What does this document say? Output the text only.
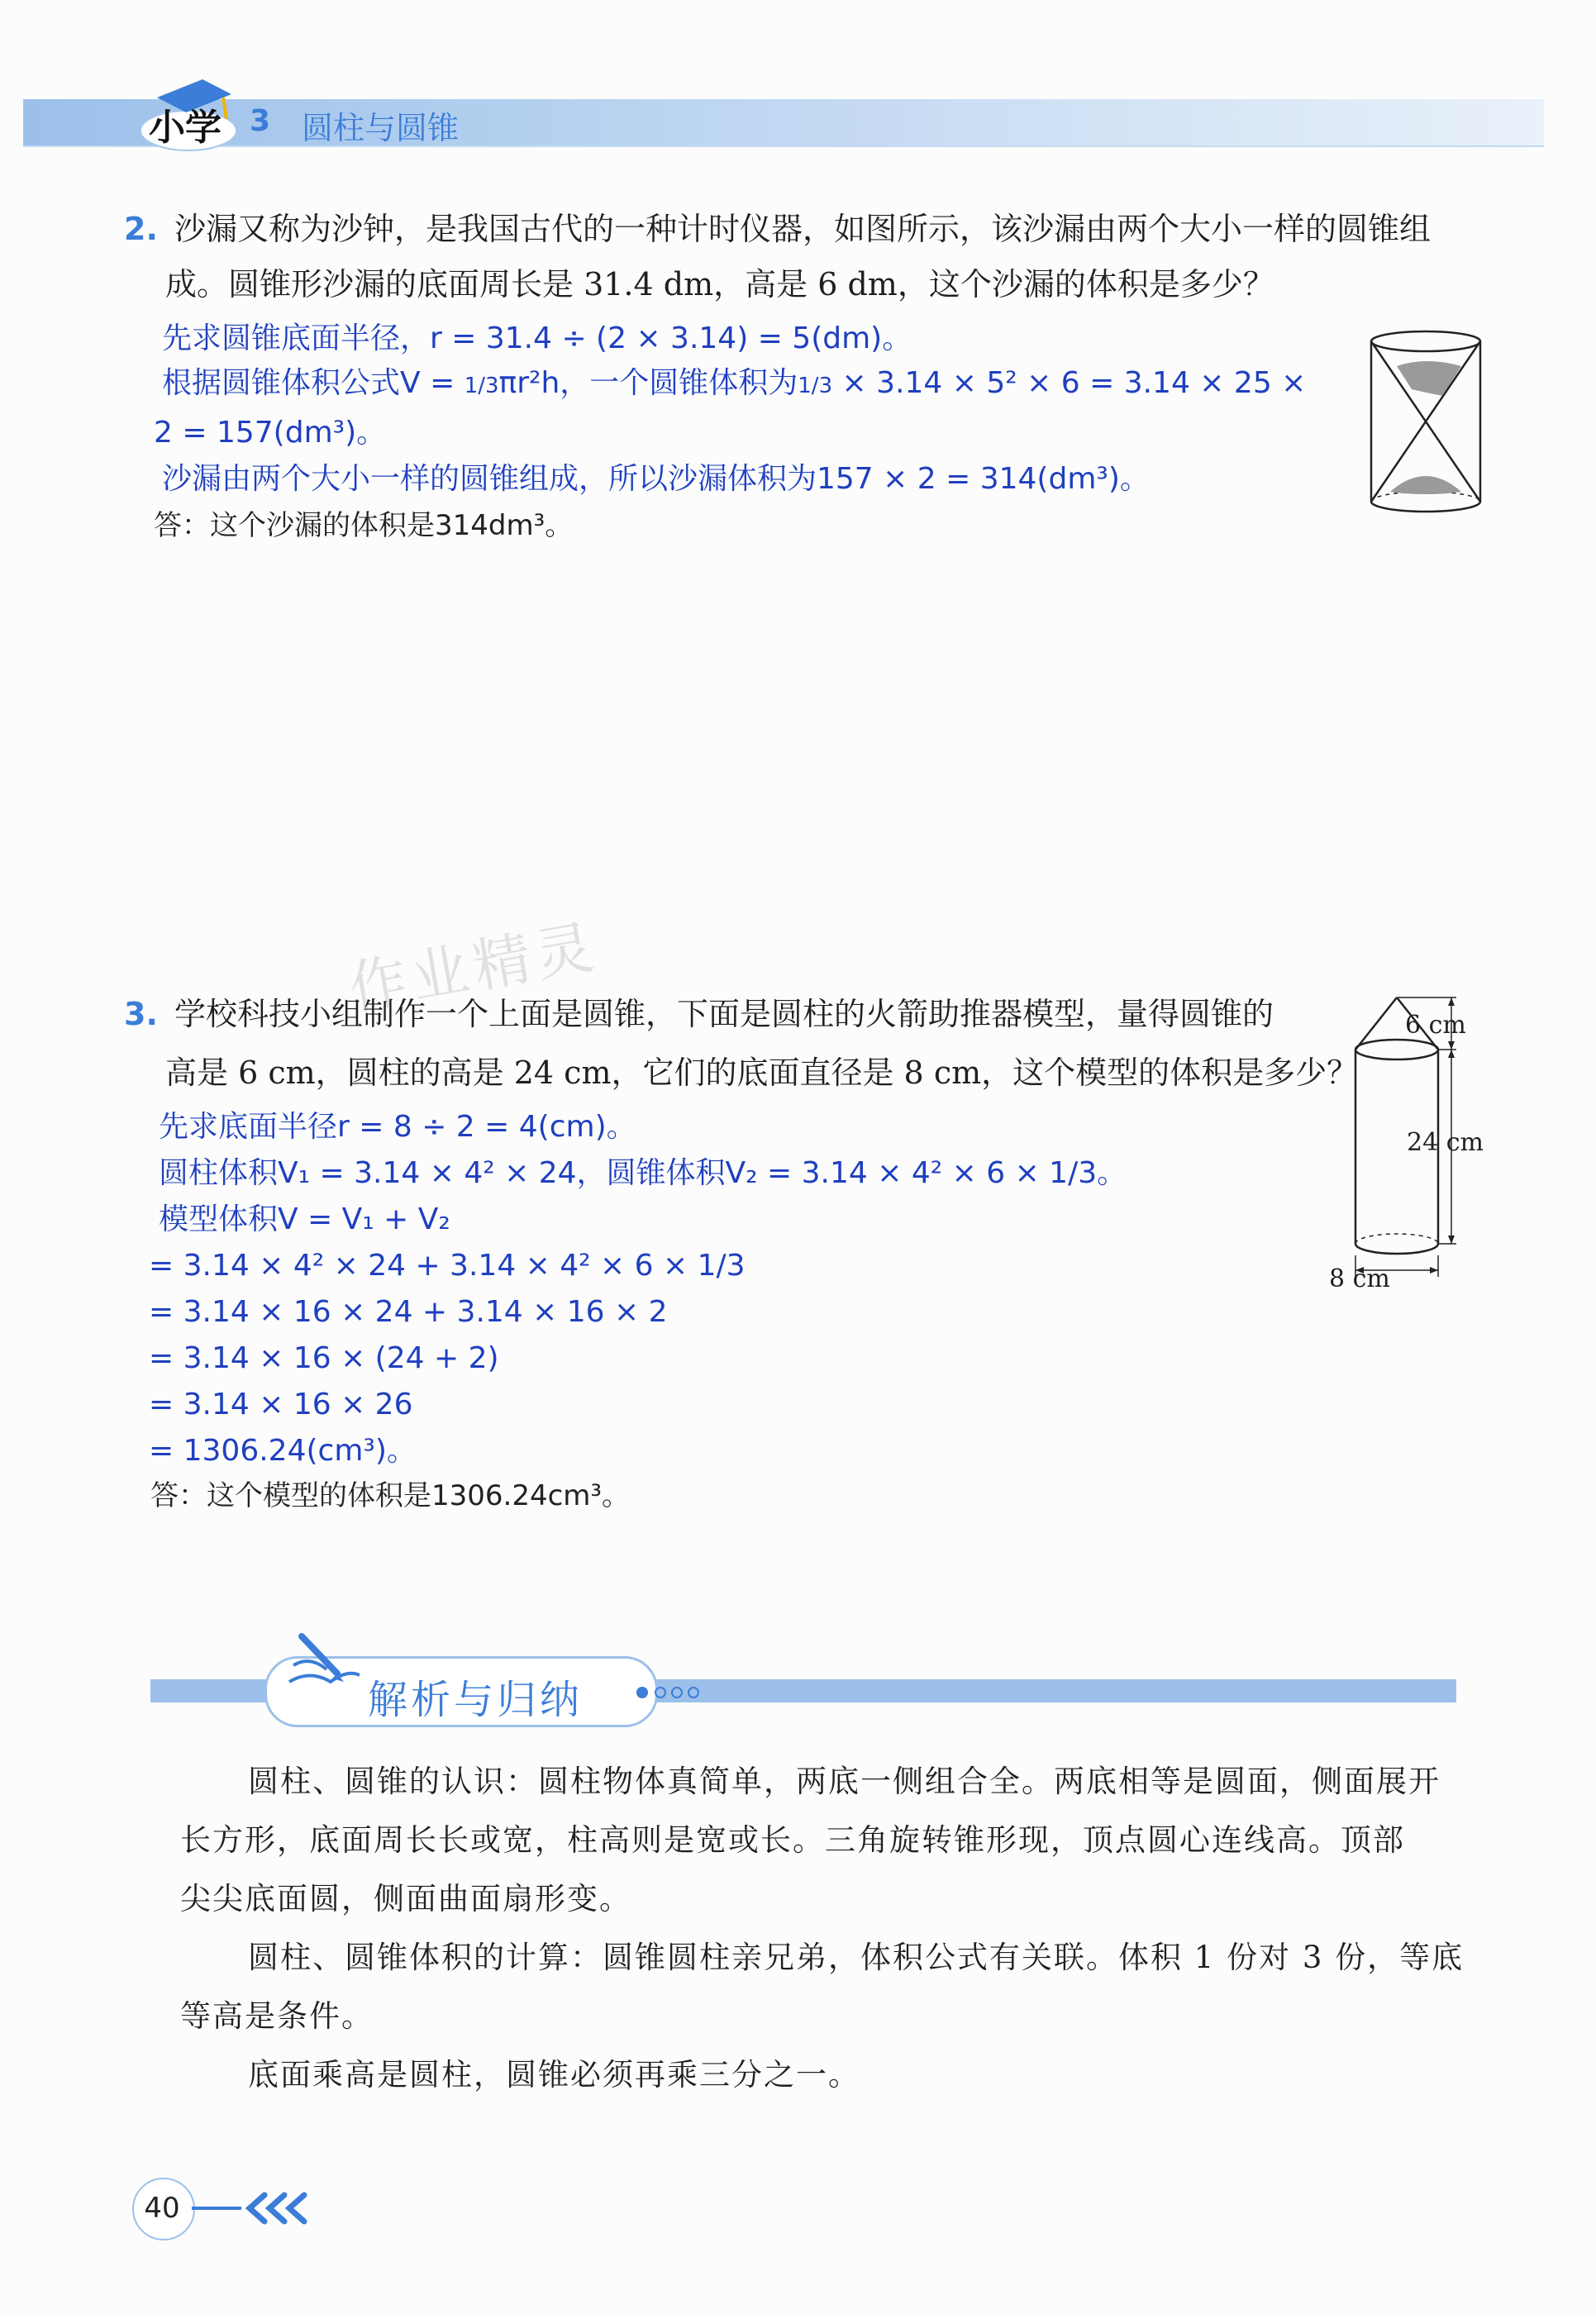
小学 3 圆柱与圆锥
2. 沙漏又称为沙钟，是我国古代的一种计时仪器，如图所示，该沙漏由两个大小一样的圆锥组
成。圆锥形沙漏的底面周长是 31.4 dm，高是 6 dm，这个沙漏的体积是多少？
先求圆锥底面半径，r = 31.4 ÷ (2 × 3.14) = 5(dm)。
根据圆锥体积公式V = 1/3πr²h，一个圆锥体积为1/3 × 3.14 × 5² × 6 = 3.14 × 25 ×
2 = 157(dm³)。
沙漏由两个大小一样的圆锥组成，所以沙漏体积为157 × 2 = 314(dm³)。
答：这个沙漏的体积是314dm³。
作业精灵
3. 学校科技小组制作一个上面是圆锥，下面是圆柱的火箭助推器模型，量得圆锥的
高是 6 cm，圆柱的高是 24 cm，它们的底面直径是 8 cm，这个模型的体积是多少？
先求底面半径r = 8 ÷ 2 = 4(cm)。
圆柱体积V₁ = 3.14 × 4² × 24，圆锥体积V₂ = 3.14 × 4² × 6 × 1/3。
模型体积V = V₁ + V₂
= 3.14 × 4² × 24 + 3.14 × 4² × 6 × 1/3
= 3.14 × 16 × 24 + 3.14 × 16 × 2
= 3.14 × 16 × (24 + 2)
= 3.14 × 16 × 26
= 1306.24(cm³)。
答：这个模型的体积是1306.24cm³。
6 cm
24 cm
8 cm
解析与归纳
圆柱、圆锥的认识：圆柱物体真简单，两底一侧组合全。两底相等是圆面，侧面展开
长方形，底面周长长或宽，柱高则是宽或长。三角旋转锥形现，顶点圆心连线高。顶部
尖尖底面圆，侧面曲面扇形变。
圆柱、圆锥体积的计算：圆锥圆柱亲兄弟，体积公式有关联。体积 1 份对 3 份，等底
等高是条件。
底面乘高是圆柱，圆锥必须再乘三分之一。
40
